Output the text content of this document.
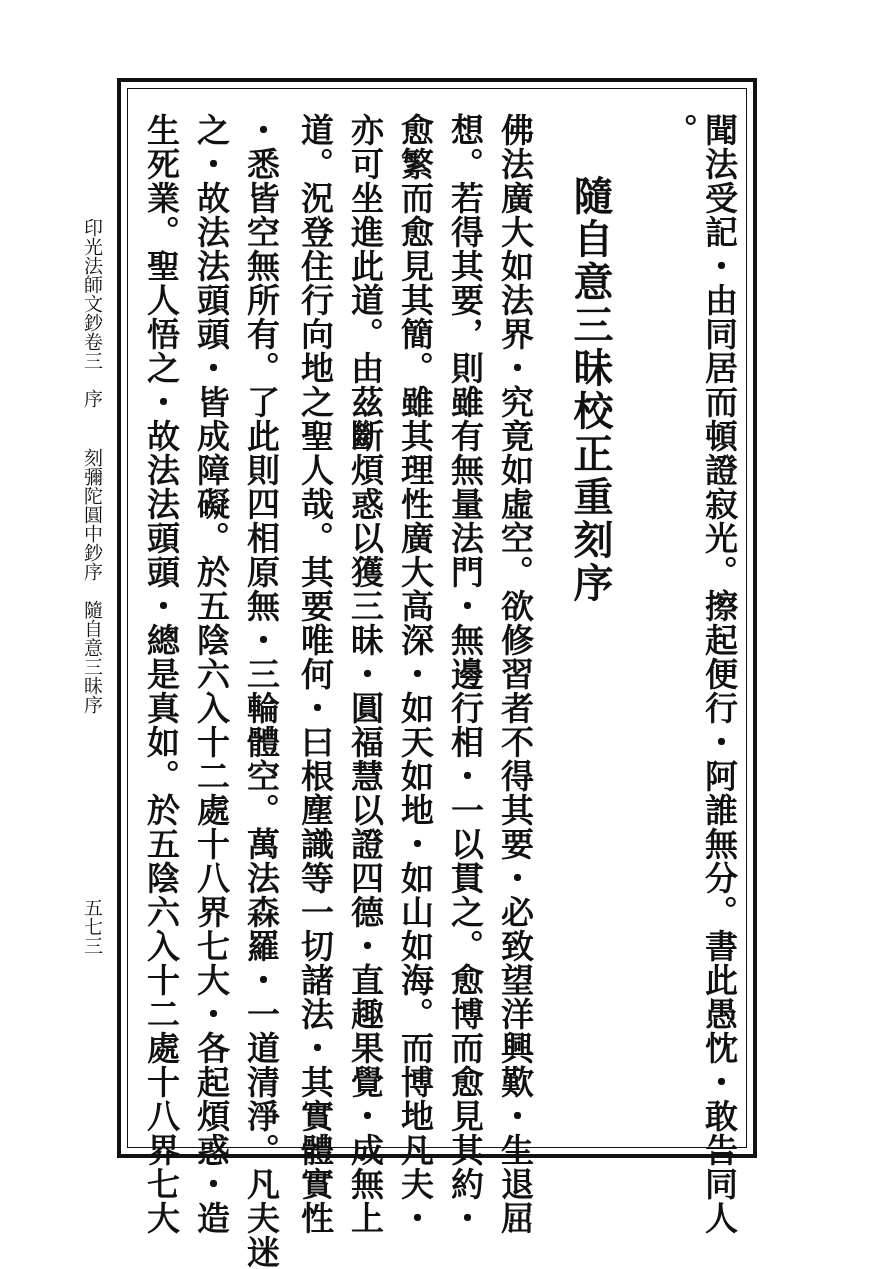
聞法受記・由同居而頓證寂光。擦起便行・阿誰無分。書此愚忱・敢告同人
。
隨自意三昧校正重刻序
佛法廣大如法界・究竟如虛空。欲修習者不得其要・必致望洋興歎・生退屈
想。若得其要，則雖有無量法門・無邊行相・一以貫之。愈博而愈見其約・
愈繁而愈見其簡。雖其理性廣大高深・如天如地・如山如海。而博地凡夫・
亦可坐進此道。由茲斷煩惑以獲三昧・圓福慧以證四德・直趣果覺・成無上
道。況登住行向地之聖人哉。其要唯何・曰根塵識等一切諸法・其實體實性
・悉皆空無所有。了此則四相原無・三輪體空。萬法森羅・一道清淨。凡夫迷
之・故法法頭頭・皆成障礙。於五陰六入十二處十八界七大・各起煩惑・造
生死業。聖人悟之・故法法頭頭・總是真如。於五陰六入十二處十八界七大
印光法師文鈔卷三　序
刻彌陀圓中鈔序　隨自意三昧序
五七三
